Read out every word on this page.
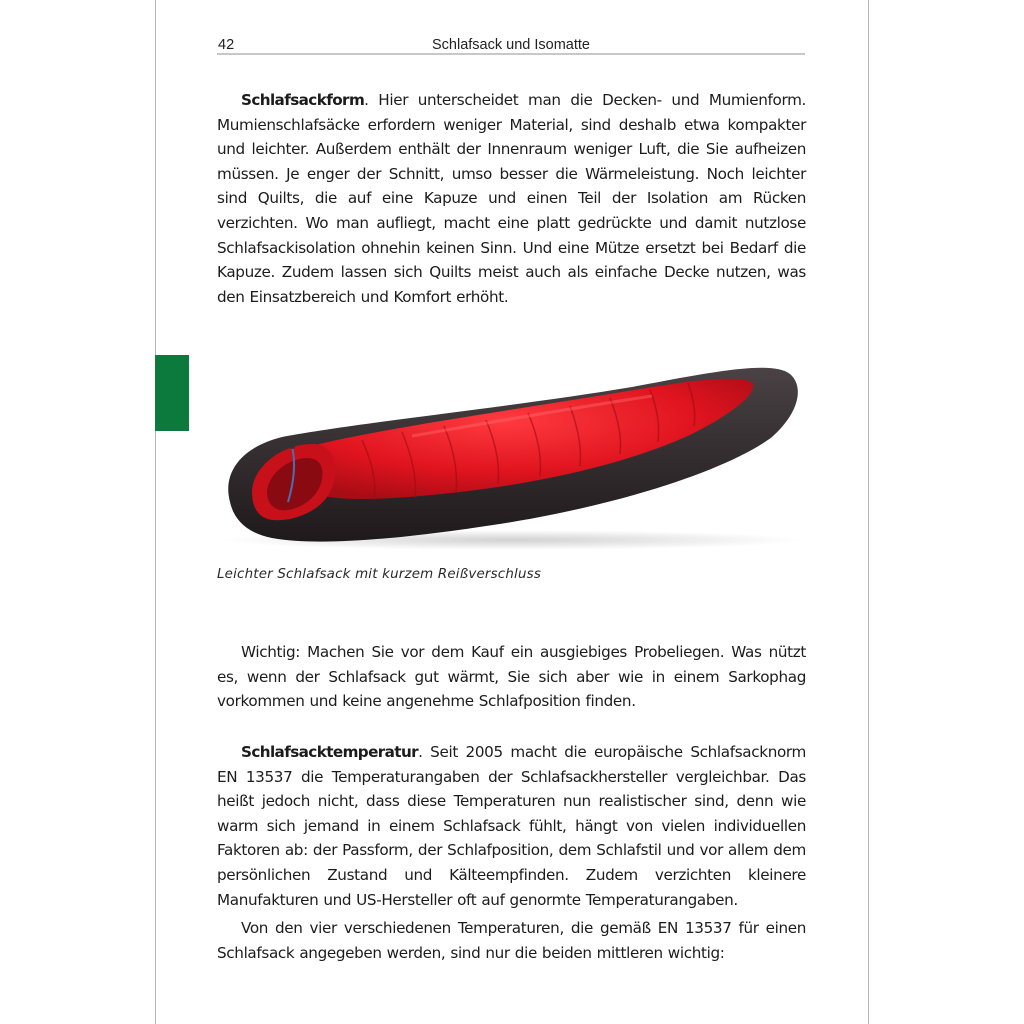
42	Schlafsack und Isomatte

Schlafsackform. Hier unterscheidet man die Decken- und Mumienform. Mumienschlafsäcke erfordern weniger Material, sind deshalb etwa kompakter und leichter. Außerdem enthält der Innenraum weniger Luft, die Sie aufheizen müssen. Je enger der Schnitt, umso besser die Wärmeleistung. Noch leichter sind Quilts, die auf eine Kapuze und einen Teil der Isolation am Rücken verzichten. Wo man aufliegt, macht eine platt gedrückte und damit nutzlose Schlafsackisolation ohnehin keinen Sinn. Und eine Mütze ersetzt bei Bedarf die Kapuze. Zudem lassen sich Quilts meist auch als einfache Decke nutzen, was den Einsatzbereich und Komfort erhöht.

Leichter Schlafsack mit kurzem Reißverschluss

Wichtig: Machen Sie vor dem Kauf ein ausgiebiges Probeliegen. Was nützt es, wenn der Schlafsack gut wärmt, Sie sich aber wie in einem Sarkophag vorkommen und keine angenehme Schlafposition finden.

Schlafsacktemperatur. Seit 2005 macht die europäische Schlafsacknorm EN 13537 die Temperaturangaben der Schlafsackhersteller vergleichbar. Das heißt jedoch nicht, dass diese Temperaturen nun realistischer sind, denn wie warm sich jemand in einem Schlafsack fühlt, hängt von vielen individuellen Faktoren ab: der Passform, der Schlafposition, dem Schlafstil und vor allem dem persönlichen Zustand und Kälteempfinden. Zudem verzichten kleinere Manufakturen und US-Hersteller oft auf genormte Temperaturangaben.

Von den vier verschiedenen Temperaturen, die gemäß EN 13537 für einen Schlafsack angegeben werden, sind nur die beiden mittleren wichtig:
